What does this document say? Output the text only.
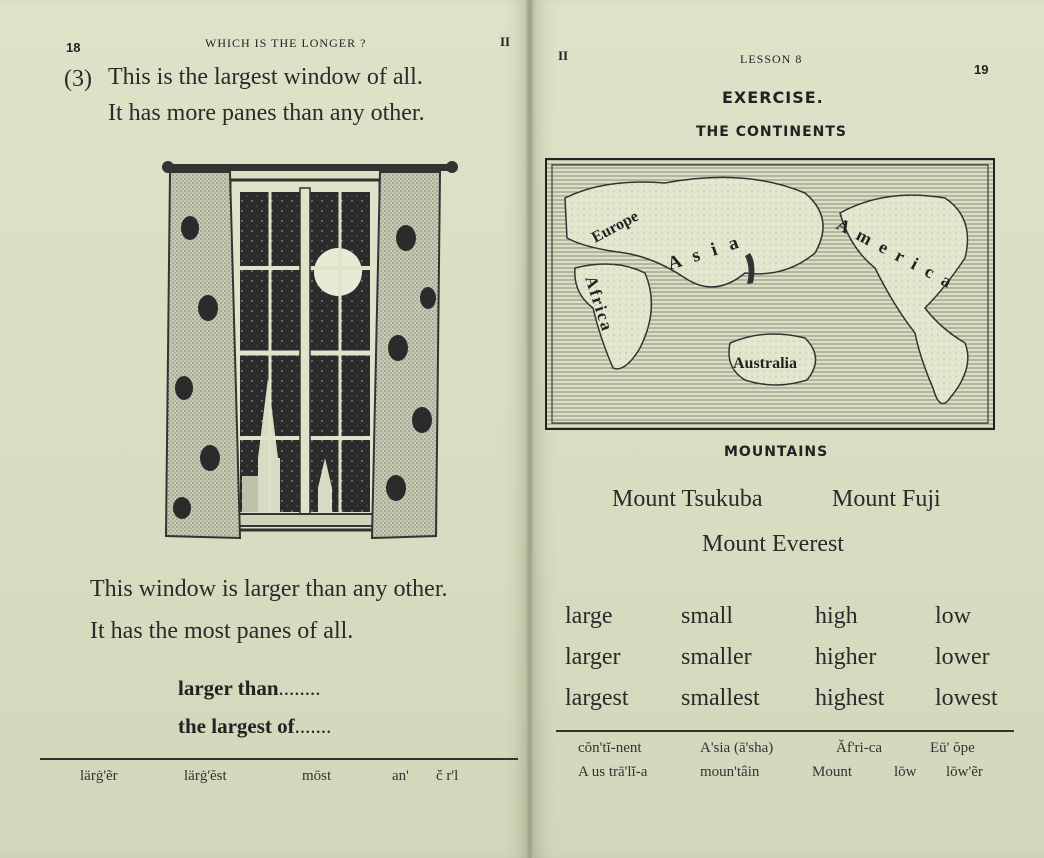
18	WHICH IS THE LONGER ?	II
(3) This is the largest window of all.
It has more panes than any other.
This window is larger than any other.
It has the most panes of all.
larger than........
the largest of.......
lärġ'ẽr	lärġ'ĕst	mōst	an' č r'l
II	LESSON 8
19
EXERCISE.
THE CONTINENTS
Europe
A s i a	A m e r i c a
Africa
Australia
MOUNTAINS
Mount Tsukuba	Mount Fuji
Mount Everest
large	small	high	low
larger	smaller	higher	lower
largest	smallest	highest	lowest
cŏn'tĭ-nent	A'sia (ā'sha)	Ăf'ri-ca	Eū' ŏpe
A us trā'lĭ-a	moun'tâin	Mount	lōw lōw'ẽr
